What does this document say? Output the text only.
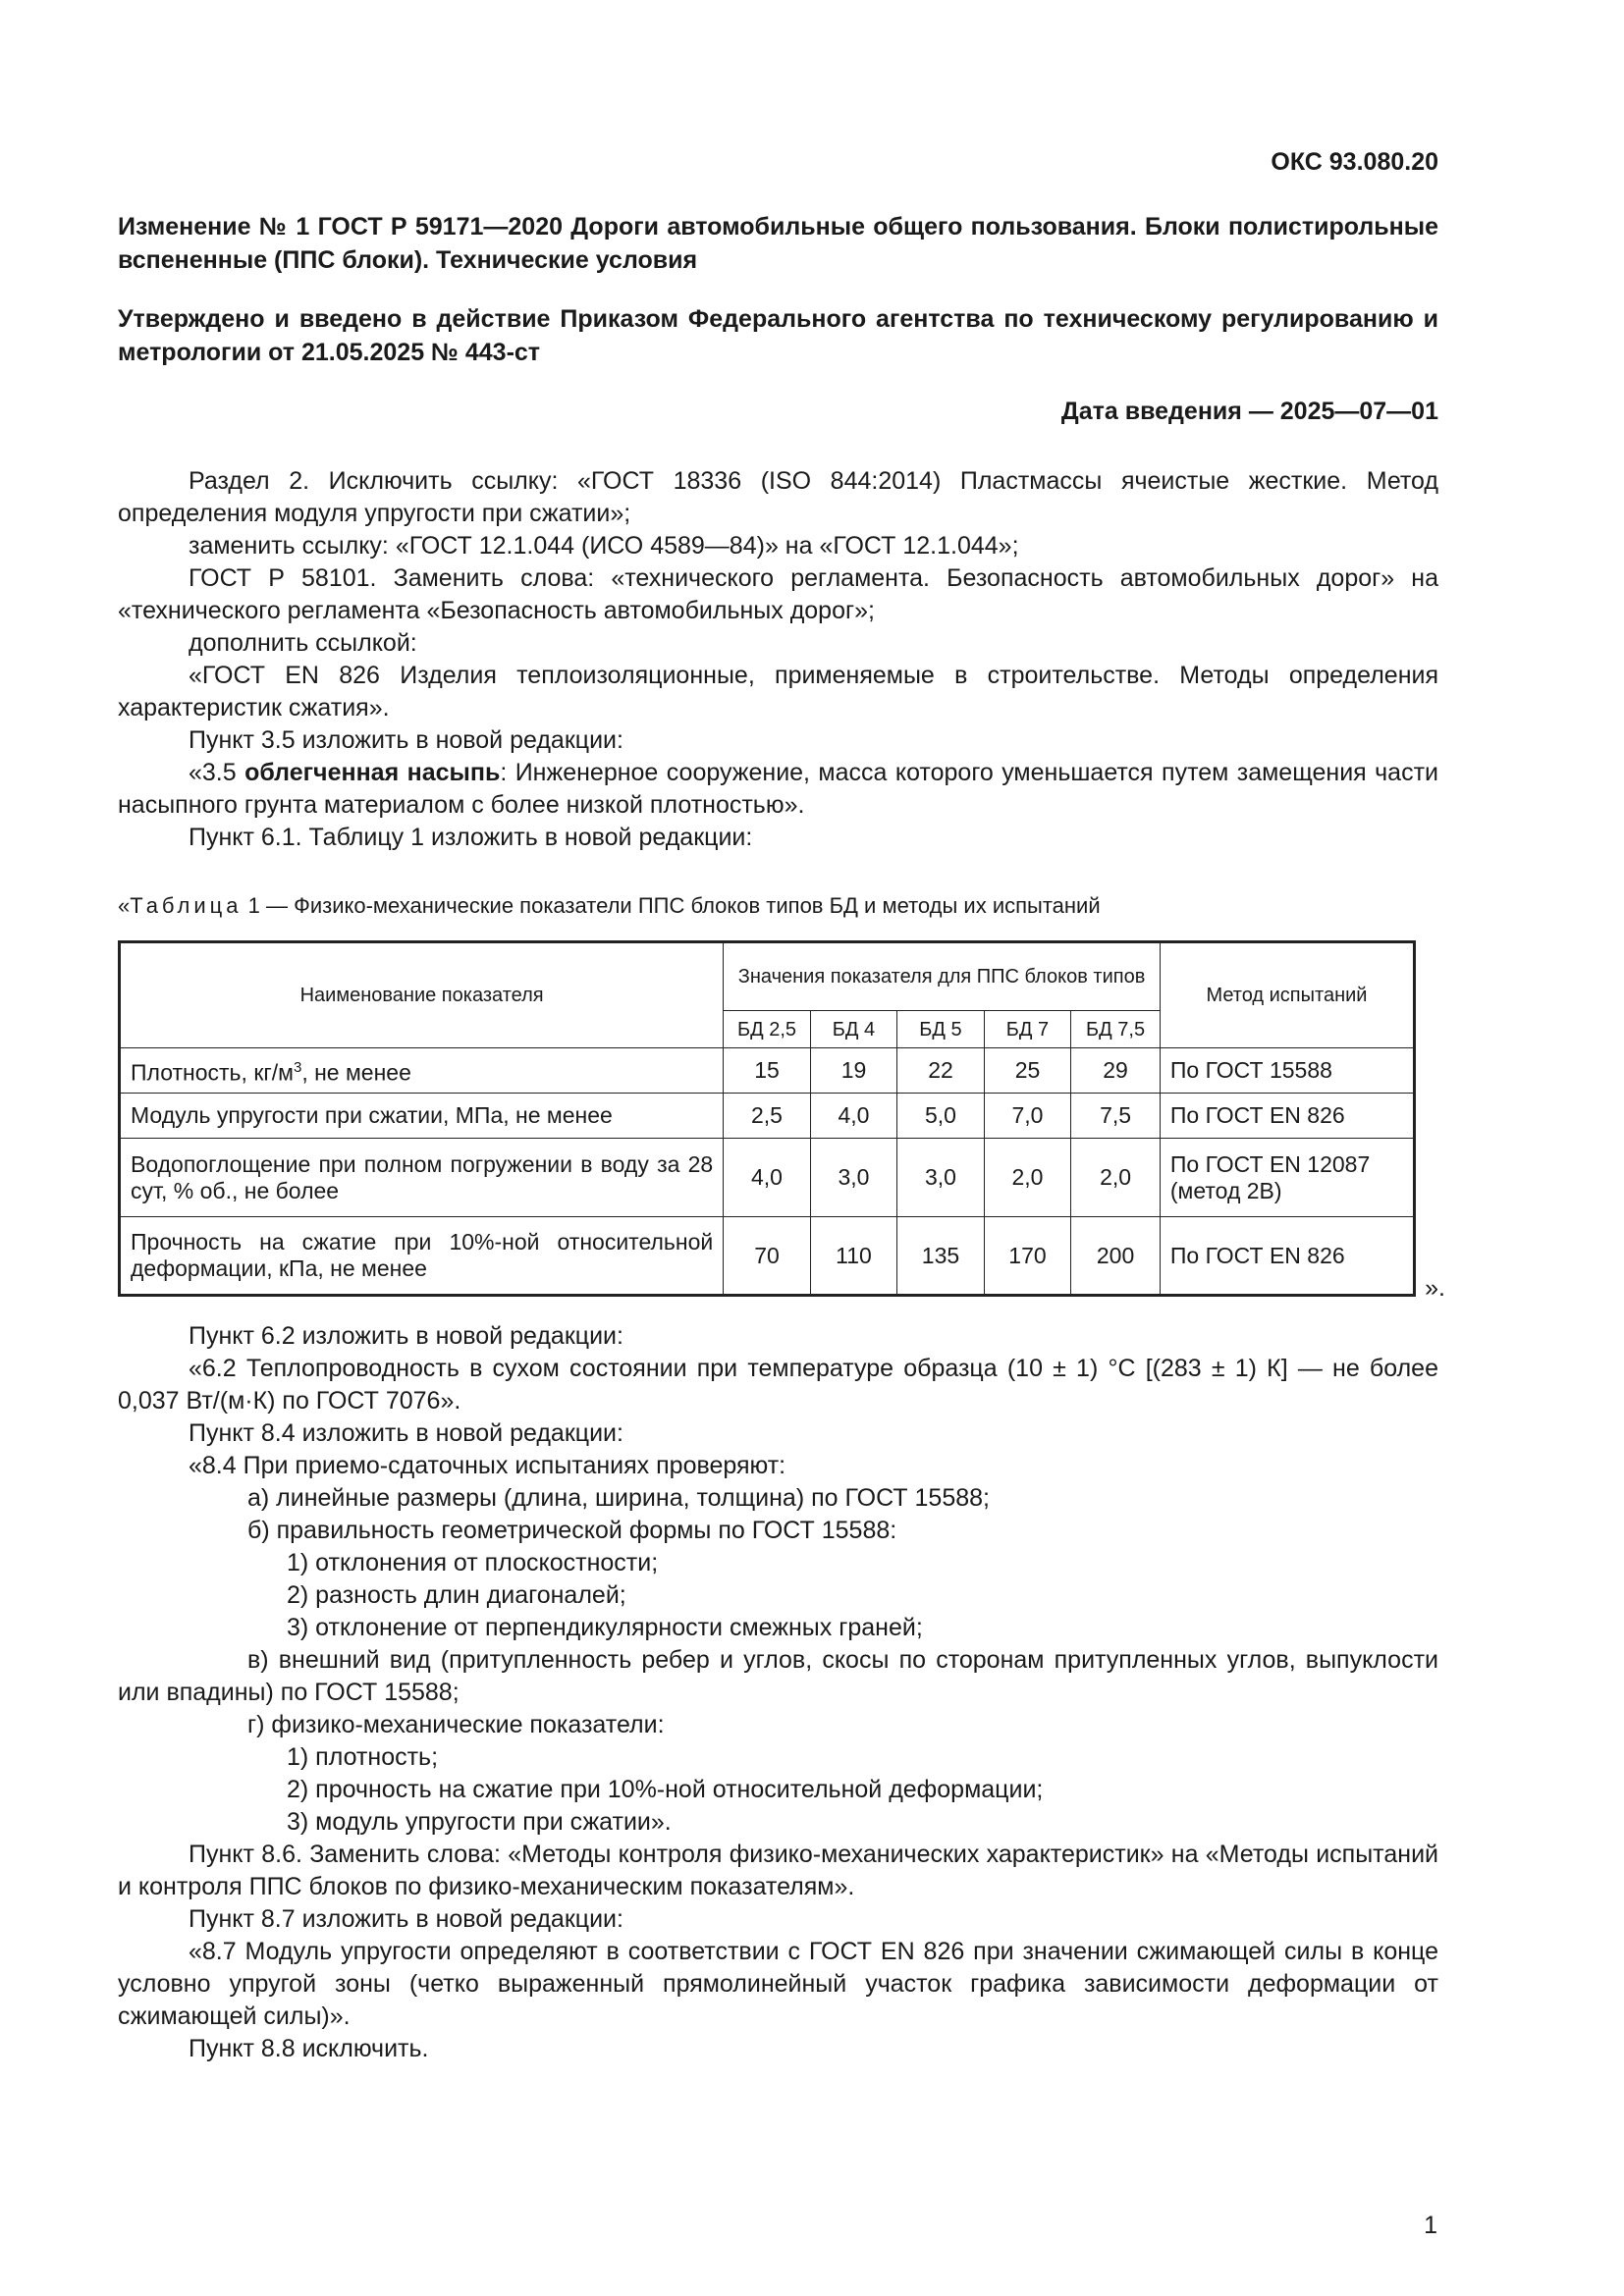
ОКС 93.080.20

Изменение № 1 ГОСТ Р 59171—2020 Дороги автомобильные общего пользования. Блоки полистирольные вспененные (ППС блоки). Технические условия

Утверждено и введено в действие Приказом Федерального агентства по техническому регулированию и метрологии от 21.05.2025 № 443-ст

Дата введения — 2025—07—01

Раздел 2. Исключить ссылку: «ГОСТ 18336 (ISO 844:2014) Пластмассы ячеистые жесткие. Метод определения модуля упругости при сжатии»;

заменить ссылку: «ГОСТ 12.1.044 (ИСО 4589—84)» на «ГОСТ 12.1.044»;

ГОСТ Р 58101. Заменить слова: «технического регламента. Безопасность автомобильных дорог» на «технического регламента «Безопасность автомобильных дорог»;

дополнить ссылкой:

«ГОСТ EN 826 Изделия теплоизоляционные, применяемые в строительстве. Методы определения характеристик сжатия».

Пункт 3.5 изложить в новой редакции:

«3.5 облегченная насыпь: Инженерное сооружение, масса которого уменьшается путем замещения части насыпного грунта материалом с более низкой плотностью».

Пункт 6.1. Таблицу 1 изложить в новой редакции:

«Таблица 1 — Физико-механические показатели ППС блоков типов БД и методы их испытаний

Наименование показателя	Значения показателя для ППС блоков типов					Метод испытаний
	БД 2,5	БД 4	БД 5	БД 7	БД 7,5	
Плотность, $кг/м^3$, не менее	15	19	22	25	29	По ГОСТ 15588
Модуль упругости при сжатии, МПа, не менее	2,5	4,0	5,0	7,0	7,5	По ГОСТ EN 826
Водопоглощение при полном погружении в воду за 28 сут, % об., не более	4,0	3,0	3,0	2,0	2,0	По ГОСТ EN 12087 (метод 2В)
Прочность на сжатие при 10%-ной относительной деформации, кПа, не менее	70	110	135	170	200	По ГОСТ EN 826
».

Пункт 6.2 изложить в новой редакции:

«6.2 Теплопроводность в сухом состоянии при температуре образца (10 ± 1) °С [(283 ± 1) К] — не более 0,037 Вт/(м·К) по ГОСТ 7076».

Пункт 8.4 изложить в новой редакции:

«8.4 При приемо-сдаточных испытаниях проверяют:

а) линейные размеры (длина, ширина, толщина) по ГОСТ 15588;

б) правильность геометрической формы по ГОСТ 15588:

1) отклонения от плоскостности;

2) разность длин диагоналей;

3) отклонение от перпендикулярности смежных граней;

в) внешний вид (притупленность ребер и углов, скосы по сторонам притупленных углов, выпуклости или впадины) по ГОСТ 15588;

г) физико-механические показатели:

1) плотность;

2) прочность на сжатие при 10%-ной относительной деформации;

3) модуль упругости при сжатии».

Пункт 8.6. Заменить слова: «Методы контроля физико-механических характеристик» на «Методы испытаний и контроля ППС блоков по физико-механическим показателям».

Пункт 8.7 изложить в новой редакции:

«8.7 Модуль упругости определяют в соответствии с ГОСТ EN 826 при значении сжимающей силы в конце условно упругой зоны (четко выраженный прямолинейный участок графика зависимости деформации от сжимающей силы)».

Пункт 8.8 исключить.

1
